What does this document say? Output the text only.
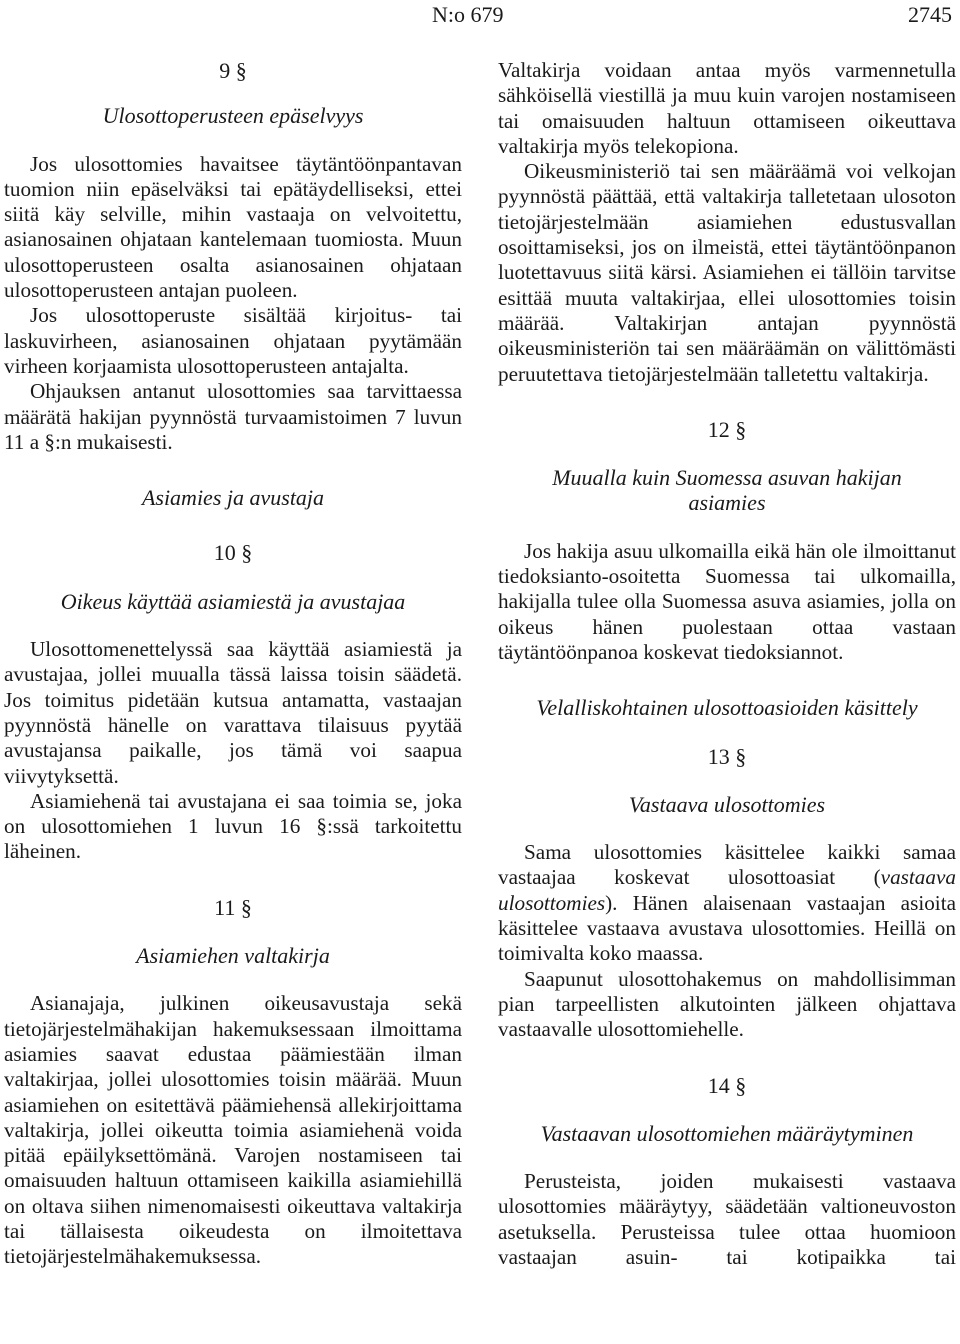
N:o 679	2745
9 §
Ulosottoperusteen epäselvyys

Jos ulosottomies havaitsee täytäntöönpantavan tuomion niin epäselväksi tai epätäydelliseksi, ettei siitä käy selville, mihin vastaaja on velvoitettu, asianosainen ohjataan kantelemaan tuomiosta. Muun ulosottoperusteen osalta asianosainen ohjataan ulosottoperusteen antajan puoleen.

Jos ulosottoperuste sisältää kirjoitus- tai laskuvirheen, asianosainen ohjataan pyytämään virheen korjaamista ulosottoperusteen antajalta.

Ohjauksen antanut ulosottomies saa tarvittaessa määrätä hakijan pyynnöstä turvaamistoimen 7 luvun 11 a §:n mukaisesti.

Asiamies ja avustaja
10 §
Oikeus käyttää asiamiestä ja avustajaa

Ulosottomenettelyssä saa käyttää asiamiestä ja avustajaa, jollei muualla tässä laissa toisin säädetä. Jos toimitus pidetään kutsua antamatta, vastaajan pyynnöstä hänelle on varattava tilaisuus pyytää avustajansa paikalle, jos tämä voi saapua viivytyksettä.

Asiamiehenä tai avustajana ei saa toimia se, joka on ulosottomiehen 1 luvun 16 §:ssä tarkoitettu läheinen.

11 §
Asiamiehen valtakirja

Asianajaja, julkinen oikeusavustaja sekä tietojärjestelmähakijan hakemuksessaan ilmoittama asiamies saavat edustaa päämiestään ilman valtakirjaa, jollei ulosottomies toisin määrää. Muun asiamiehen on esitettävä päämiehensä allekirjoittama valtakirja, jollei oikeutta toimia asiamiehenä voida pitää epäilyksettömänä. Varojen nostamiseen tai omaisuuden haltuun ottamiseen kaikilla asiamiehillä on oltava siihen nimenomaisesti oikeuttava valtakirja tai tällaisesta oikeudesta on ilmoitettava tietojärjestelmähakemuksessa.

Valtakirja voidaan antaa myös varmennetulla sähköisellä viestillä ja muu kuin varojen nostamiseen tai omaisuuden haltuun ottamiseen oikeuttava valtakirja myös telekopiona.

Oikeusministeriö tai sen määräämä voi velkojan pyynnöstä päättää, että valtakirja talletetaan ulosoton tietojärjestelmään asiamiehen edustusvallan osoittamiseksi, jos on ilmeistä, ettei täytäntöönpanon luotettavuus siitä kärsi. Asiamiehen ei tällöin tarvitse esittää muuta valtakirjaa, ellei ulosottomies toisin määrää. Valtakirjan antajan pyynnöstä oikeusministeriön tai sen määräämän on välittömästi peruutettava tietojärjestelmään talletettu valtakirja.

12 §
Muualla kuin Suomessa asuvan hakijan
asiamies

Jos hakija asuu ulkomailla eikä hän ole ilmoittanut tiedoksianto-osoitetta Suomessa tai ulkomailla, hakijalla tulee olla Suomessa asuva asiamies, jolla on oikeus hänen puolestaan ottaa vastaan täytäntöönpanoa koskevat tiedoksiannot.

Velalliskohtainen ulosottoasioiden käsittely
13 §
Vastaava ulosottomies

Sama ulosottomies käsittelee kaikki samaa vastaajaa koskevat ulosottoasiat (vastaava ulosottomies). Hänen alaisenaan vastaajan asioita käsittelee vastaava avustava ulosottomies. Heillä on toimivalta koko maassa.

Saapunut ulosottohakemus on mahdollisimman pian tarpeellisten alkutointen jälkeen ohjattava vastaavalle ulosottomiehelle.

14 §
Vastaavan ulosottomiehen määräytyminen

Perusteista, joiden mukaisesti vastaava ulosottomies määräytyy, säädetään valtioneuvoston asetuksella. Perusteissa tulee ottaa huomioon vastaajan asuin- tai kotipaikka tai
